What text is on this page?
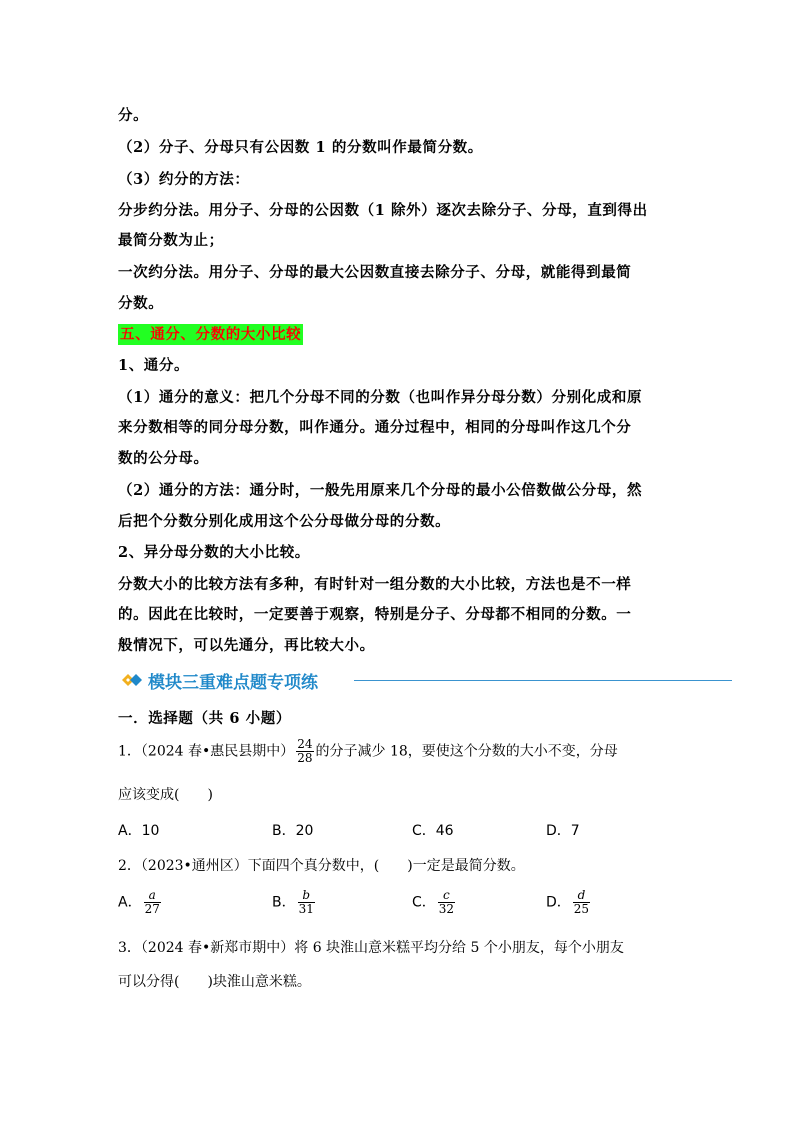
分。
（2）分子、分母只有公因数 1 的分数叫作最简分数。
（3）约分的方法：
分步约分法。用分子、分母的公因数（1 除外）逐次去除分子、分母，直到得出
最简分数为止；
一次约分法。用分子、分母的最大公因数直接去除分子、分母，就能得到最简
分数。
五、通分、分数的大小比较
1、通分。
（1）通分的意义：把几个分母不同的分数（也叫作异分母分数）分别化成和原
来分数相等的同分母分数，叫作通分。通分过程中，相同的分母叫作这几个分
数的公分母。
（2）通分的方法：通分时，一般先用原来几个分母的最小公倍数做公分母，然
后把个分数分别化成用这个公分母做分母的分数。
2、异分母分数的大小比较。
分数大小的比较方法有多种，有时针对一组分数的大小比较，方法也是不一样
的。因此在比较时，一定要善于观察，特别是分子、分母都不相同的分数。一
般情况下，可以先通分，再比较大小。
模块三重难点题专项练
一．选择题（共 6 小题）
1．（2024 春•惠民县期中） $\frac{24}{28}$ 的分子减少 18，要使这个分数的大小不变，分母
应该变成(　　)
A．10	B．20	C．46	D．7
2．（2023•通州区）下面四个真分数中，(　　)一定是最简分数。
A． $\frac{a}{27}$	B． $\frac{b}{31}$	C． $\frac{c}{32}$	D． $\frac{d}{25}$
3．（2024 春•新郑市期中）将 6 块淮山意米糕平均分给 5 个小朋友，每个小朋友
可以分得(　　)块淮山意米糕。
